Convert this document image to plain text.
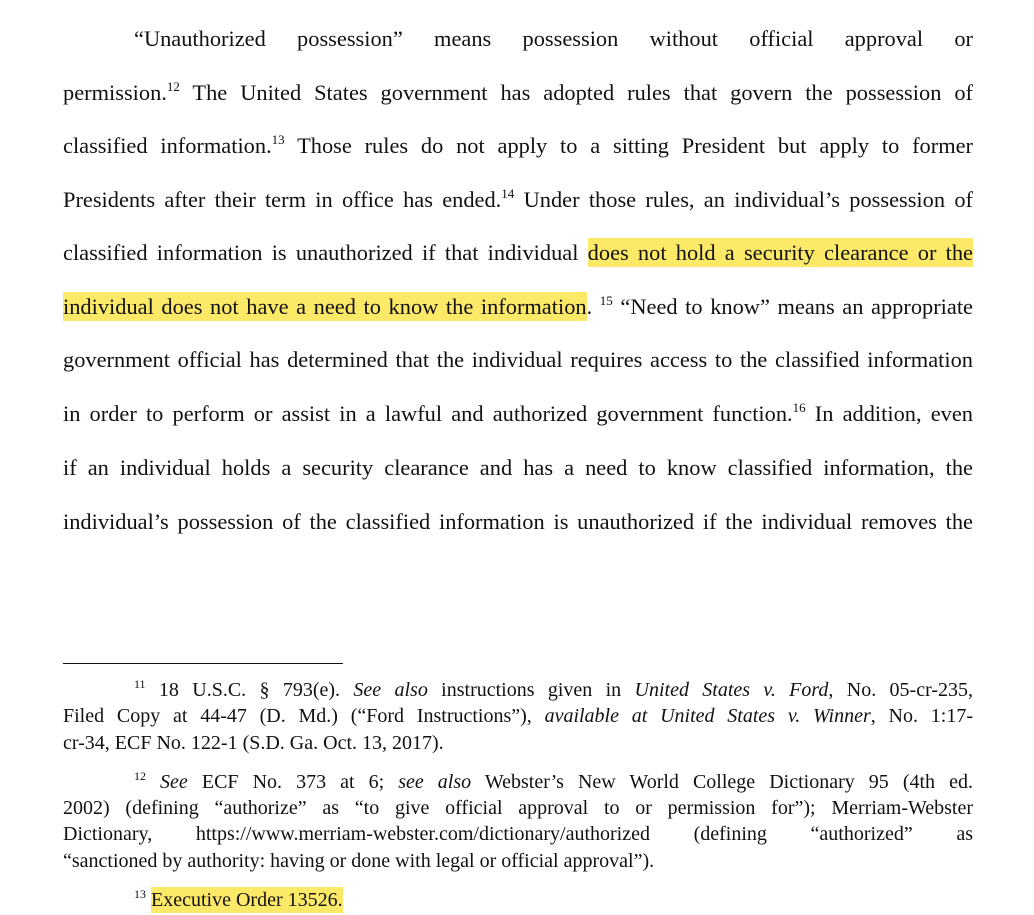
“Unauthorized possession” means possession without official approval or
permission.$^{12}$ The United States government has adopted rules that govern the possession of
classified information.$^{13}$ Those rules do not apply to a sitting President but apply to former
Presidents after their term in office has ended.$^{14}$ Under those rules, an individual’s possession of
classified information is unauthorized if that individual does not hold a security clearance or the
individual does not have a need to know the information. $^{15}$ “Need to know” means an appropriate
government official has determined that the individual requires access to the classified information
in order to perform or assist in a lawful and authorized government function.$^{16}$ In addition, even
if an individual holds a security clearance and has a need to know classified information, the
individual’s possession of the classified information is unauthorized if the individual removes the
$^{11}$ 18 U.S.C. § 793(e). See also instructions given in United States v. Ford, No. 05-cr-235,
Filed Copy at 44-47 (D. Md.) (“Ford Instructions”), available at United States v. Winner, No. 1:17-
cr-34, ECF No. 122-1 (S.D. Ga. Oct. 13, 2017).
$^{12}$ See ECF No. 373 at 6; see also Webster’s New World College Dictionary 95 (4th ed.
2002) (defining “authorize” as “to give official approval to or permission for”); Merriam-Webster
Dictionary, https://www.merriam-webster.com/dictionary/authorized (defining “authorized” as
“sanctioned by authority: having or done with legal or official approval”).
$^{13}$ Executive Order 13526.
